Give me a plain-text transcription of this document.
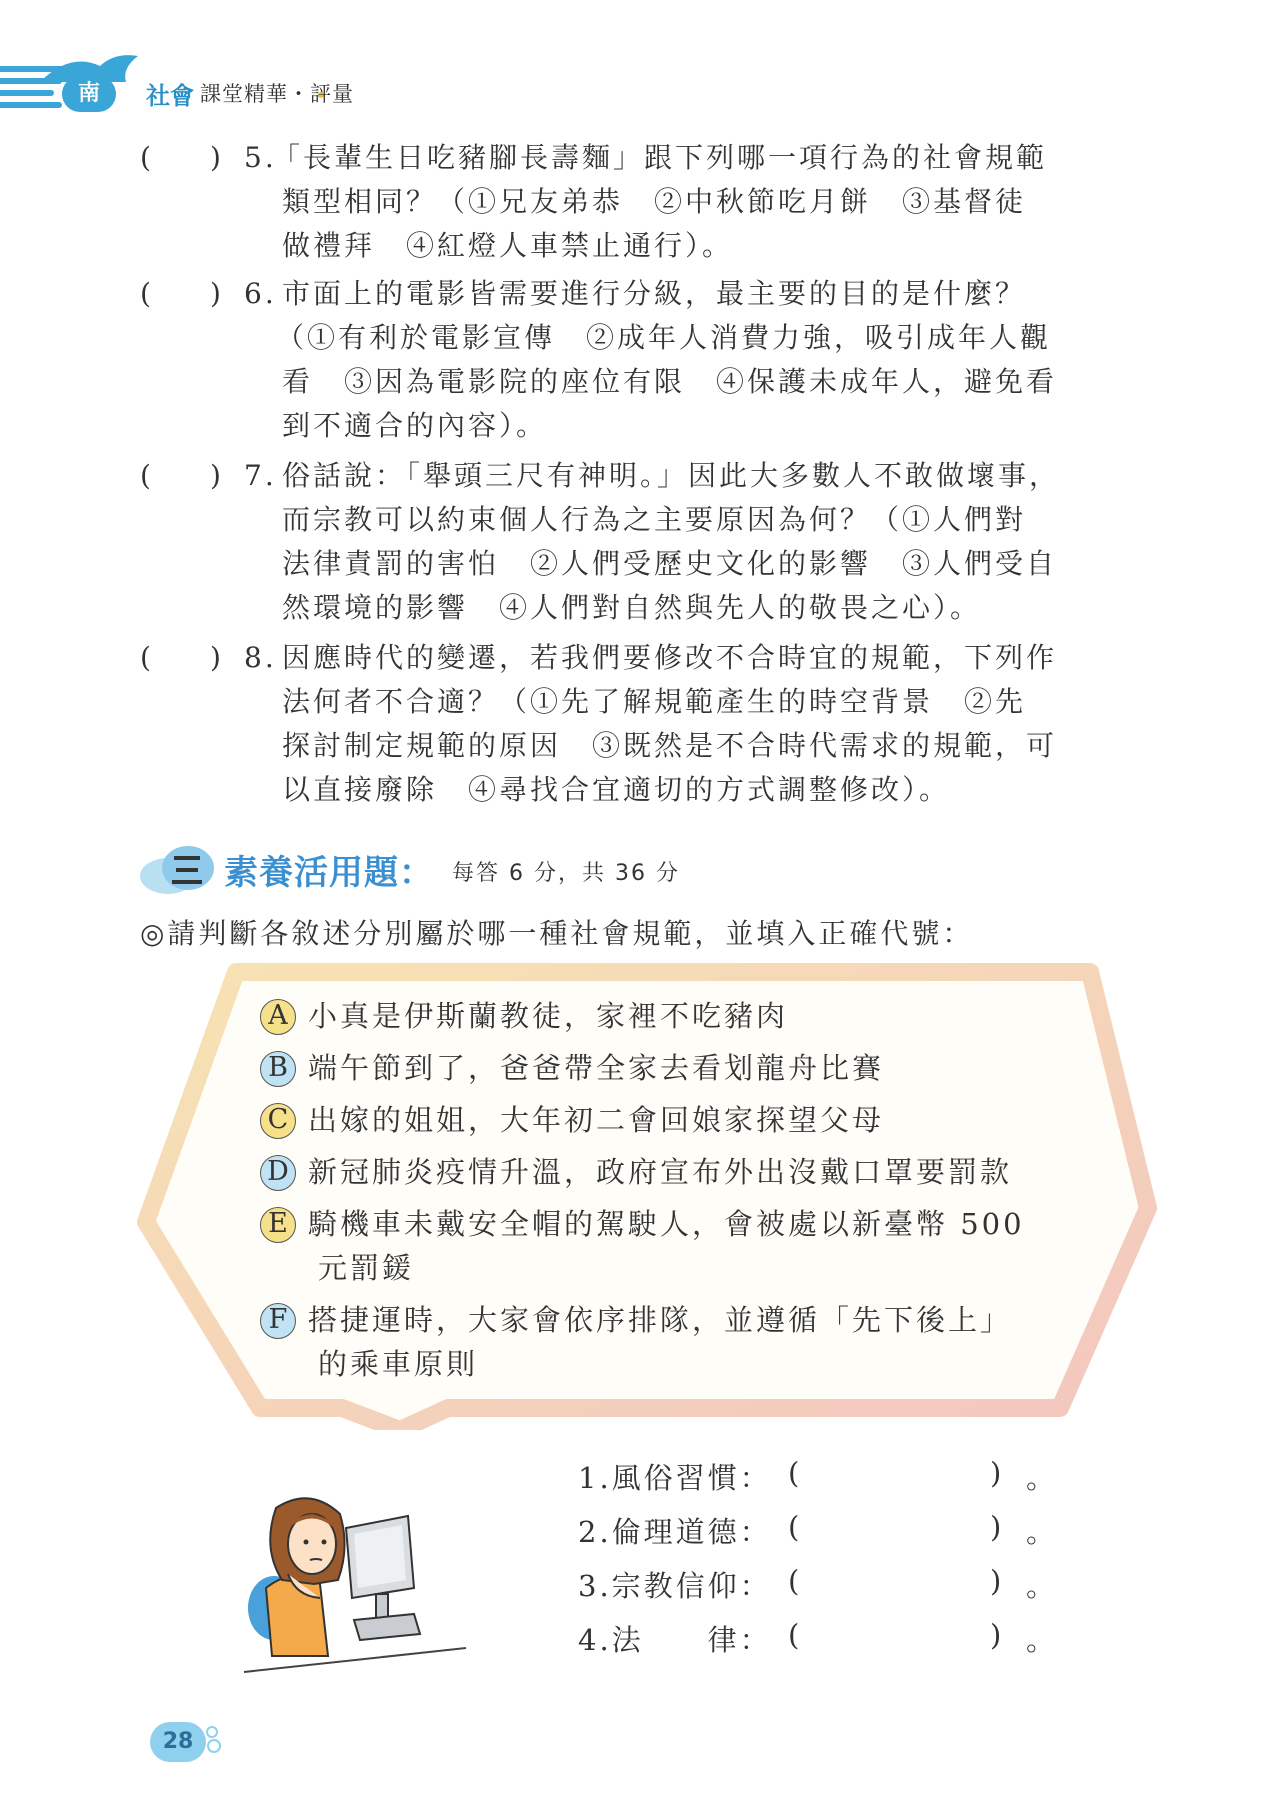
南	社會 課堂精華・評量
( ) 5.
「長輩生日吃豬腳長壽麵」跟下列哪一項行為的社會規範
類型相同？（①兄友弟恭　②中秋節吃月餅　③基督徒
做禮拜　④紅燈人車禁止通行）。
( ) 6. 市面上的電影皆需要進行分級，最主要的目的是什麼？
（①有利於電影宣傳　②成年人消費力強，吸引成年人觀
看　③因為電影院的座位有限　④保護未成年人，避免看
到不適合的內容）。
( ) 7. 俗話說：「舉頭三尺有神明。」因此大多數人不敢做壞事，
而宗教可以約束個人行為之主要原因為何？（①人們對
法律責罰的害怕　②人們受歷史文化的影響　③人們受自
然環境的影響　④人們對自然與先人的敬畏之心）。
( ) 8. 因應時代的變遷，若我們要修改不合時宜的規範，下列作
法何者不合適？（①先了解規範產生的時空背景　②先
探討制定規範的原因　③既然是不合時代需求的規範，可
以直接廢除　④尋找合宜適切的方式調整修改）。
素養活用題： 每答 6 分，共 36 分
◎請判斷各敘述分別屬於哪一種社會規範，並填入正確代號：
A 小真是伊斯蘭教徒，家裡不吃豬肉
B 端午節到了，爸爸帶全家去看划龍舟比賽
C 出嫁的姐姐，大年初二會回娘家探望父母
D 新冠肺炎疫情升溫，政府宣布外出沒戴口罩要罰款
E 騎機車未戴安全帽的駕駛人，會被處以新臺幣 500
元罰鍰
F 搭捷運時，大家會依序排隊，並遵循「先下後上」
的乘車原則
1.風俗習慣： (	) 。
2.倫理道德： (	) 。
3.宗教信仰： (	) 。
4.法　　律： (	) 。
28
